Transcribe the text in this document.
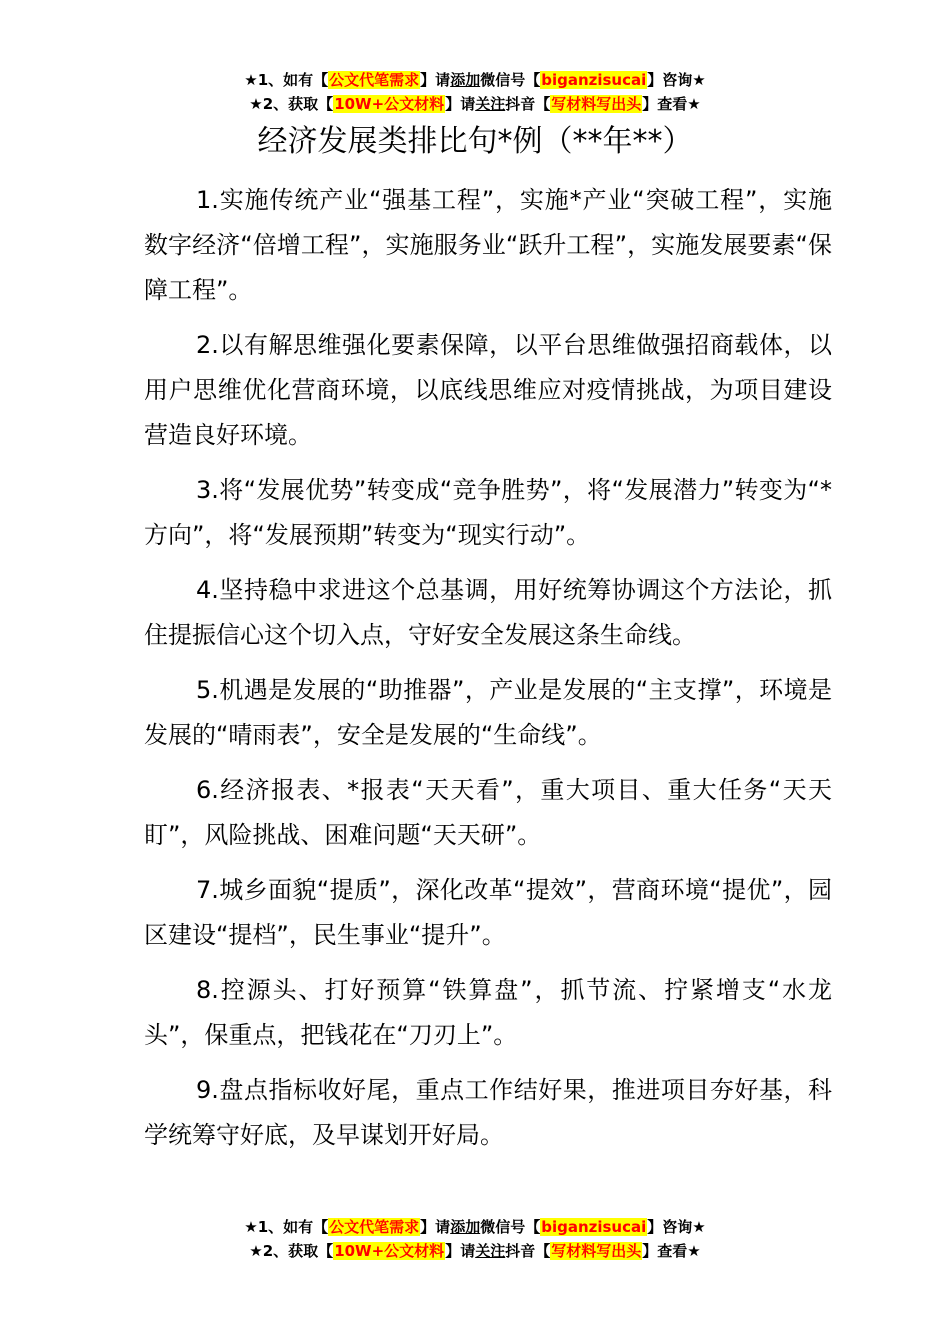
★1、如有【公文代笔需求】请添加微信号【biganzisucai】咨询★
★2、获取【10W+公文材料】请关注抖音【写材料写出头】查看★
经济发展类排比句*例（**年**）

1.实施传统产业“强基工程”，实施*产业“突破工程”，实施数字经济“倍增工程”，实施服务业“跃升工程”，实施发展要素“保障工程”。

2.以有解思维强化要素保障，以平台思维做强招商载体，以用户思维优化营商环境，以底线思维应对疫情挑战，为项目建设营造良好环境。

3.将“发展优势”转变成“竞争胜势”，将“发展潜力”转变为“*方向”，将“发展预期”转变为“现实行动”。

4.坚持稳中求进这个总基调，用好统筹协调这个方法论，抓住提振信心这个切入点，守好安全发展这条生命线。

5.机遇是发展的“助推器”，产业是发展的“主支撑”，环境是发展的“晴雨表”，安全是发展的“生命线”。

6.经济报表、*报表“天天看”，重大项目、重大任务“天天盯”，风险挑战、困难问题“天天研”。

7.城乡面貌“提质”，深化改革“提效”，营商环境“提优”，园区建设“提档”，民生事业“提升”。

8.控源头、打好预算“铁算盘”，抓节流、拧紧增支“水龙头”，保重点，把钱花在“刀刃上”。

9.盘点指标收好尾，重点工作结好果，推进项目夯好基，科学统筹守好底，及早谋划开好局。

★1、如有【公文代笔需求】请添加微信号【biganzisucai】咨询★
★2、获取【10W+公文材料】请关注抖音【写材料写出头】查看★
